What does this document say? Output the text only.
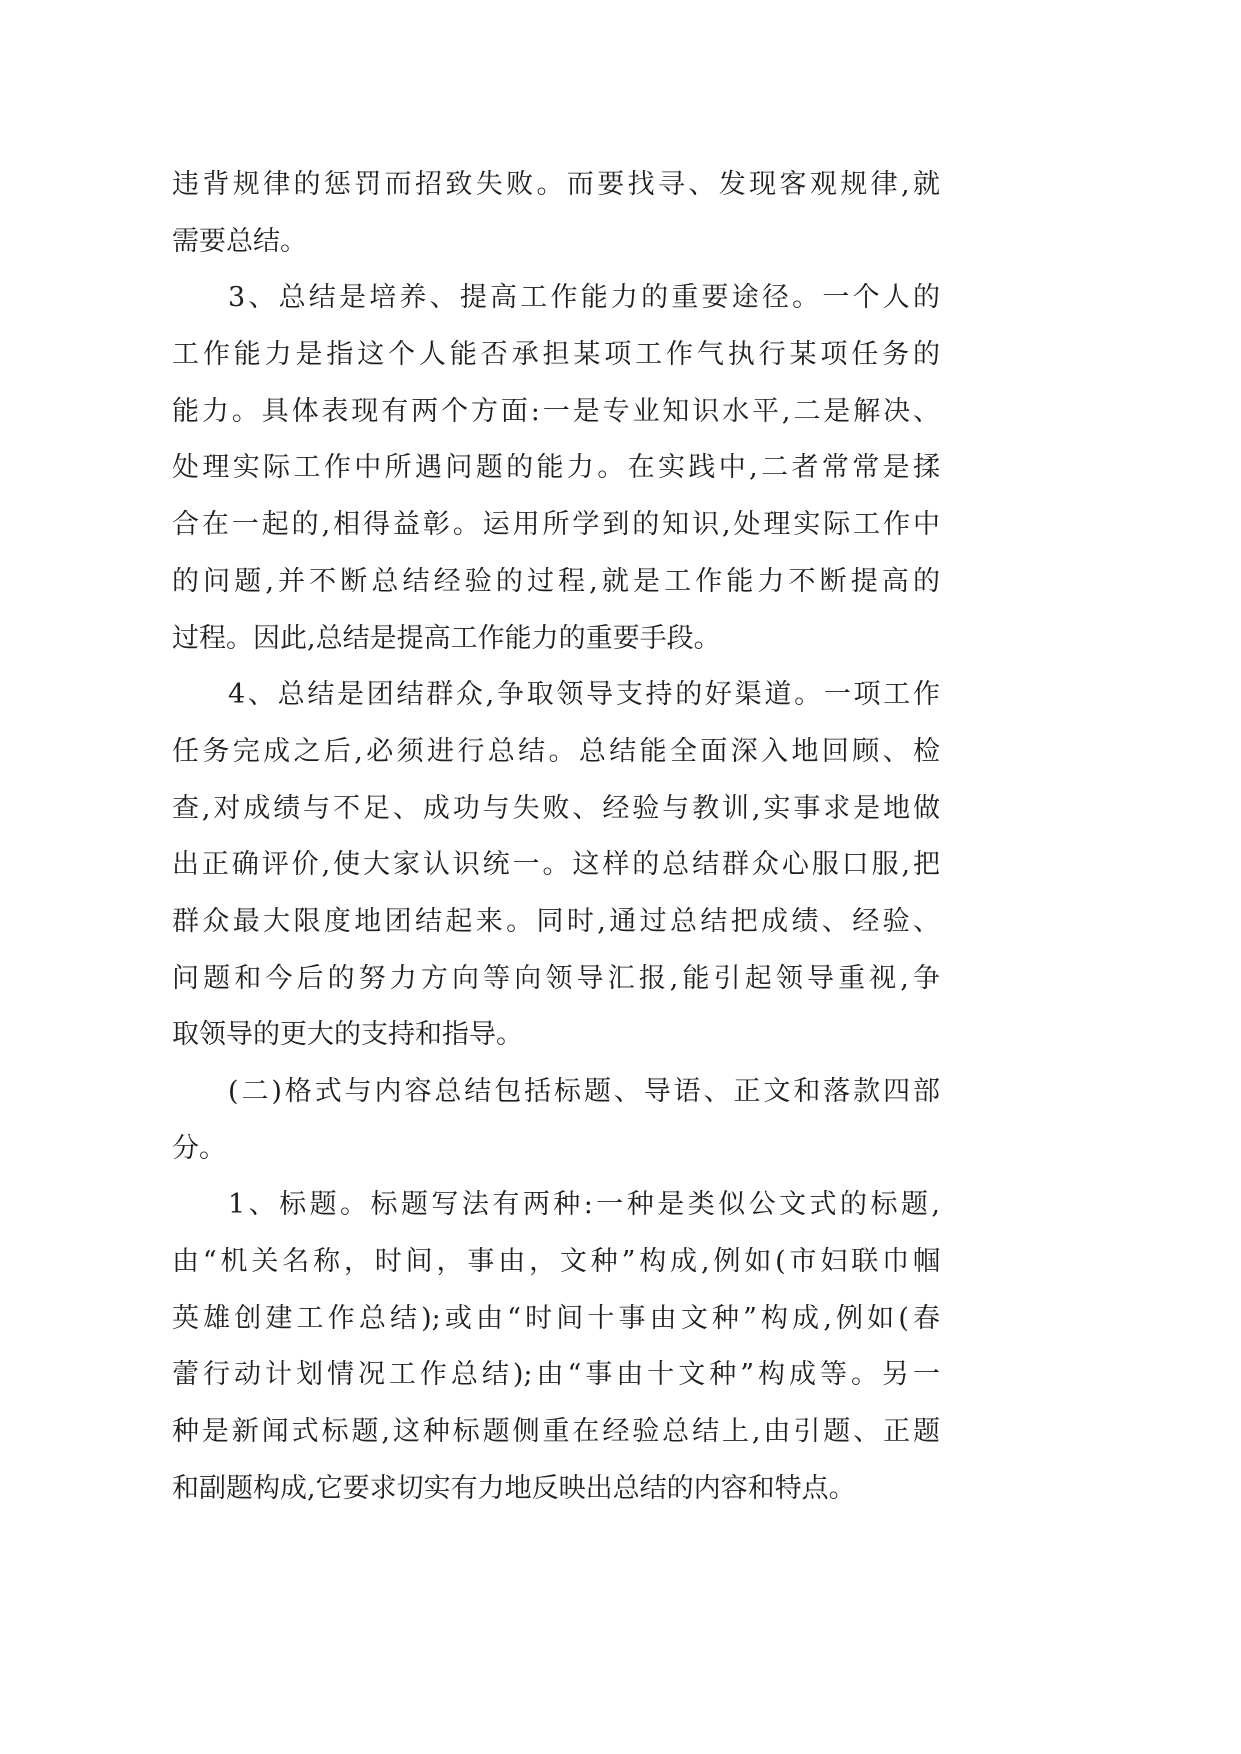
违背规律的惩罚而招致失败。而要找寻、发现客观规律,就
需要总结。
3、总结是培养、提高工作能力的重要途径。一个人的
工作能力是指这个人能否承担某项工作气执行某项任务的
能力。具体表现有两个方面:一是专业知识水平,二是解决、
处理实际工作中所遇问题的能力。在实践中,二者常常是揉
合在一起的,相得益彰。运用所学到的知识,处理实际工作中
的问题,并不断总结经验的过程,就是工作能力不断提高的
过程。因此,总结是提高工作能力的重要手段。
4、总结是团结群众,争取领导支持的好渠道。一项工作
任务完成之后,必须进行总结。总结能全面深入地回顾、检
查,对成绩与不足、成功与失败、经验与教训,实事求是地做
出正确评价,使大家认识统一。这样的总结群众心服口服,把
群众最大限度地团结起来。同时,通过总结把成绩、经验、
问题和今后的努力方向等向领导汇报,能引起领导重视,争
取领导的更大的支持和指导。
(二)格式与内容总结包括标题、导语、正文和落款四部
分。
1、标题。标题写法有两种:一种是类似公文式的标题,
由“机关名称，时间，事由，文种”构成,例如(市妇联巾帼
英雄创建工作总结);或由“时间十事由文种”构成,例如(春
蕾行动计划情况工作总结);由“事由十文种”构成等。另一
种是新闻式标题,这种标题侧重在经验总结上,由引题、正题
和副题构成,它要求切实有力地反映出总结的内容和特点。
